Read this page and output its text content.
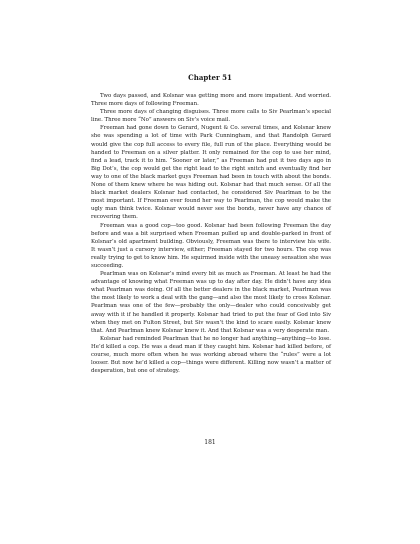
Chapter 51

Two days passed, and Kolsnar was getting more and more impatient. And worried. Three more days of following Freeman.

Three more days of changing disguises. Three more calls to Siv Pearlman’s special line. Three more “No” answers on Siv’s voice mail.

Freeman had gone down to Gerard, Nugent & Co. several times, and Kolsnar knew she was spending a lot of time with Park Cunningham, and that Randolph Gerard would give the cop full access to every file, full run of the place. Everything would be handed to Freeman on a silver platter. It only remained for the cop to use her mind, find a lead, track it to him. “Sooner or later,” as Freeman had put it two days ago in Big Dot’s, the cop would get the right lead to the right snitch and eventually find her way to one of the black market guys Freeman had been in touch with about the bonds. None of them knew where he was hiding out. Kolsnar had that much sense. Of all the black market dealers Kolsnar had contacted, he considered Siv Pearlman to be the most important. If Freeman ever found her way to Pearlman, the cop would make the ugly man think twice. Kolsnar would never see the bonds, never have any chance of recovering them.

Freeman was a good cop—too good. Kolsnar had been following Freeman the day before and was a bit surprised when Freeman pulled up and double-parked in front of Kolsnar’s old apartment building. Obviously, Freeman was there to interview his wife. It wasn’t just a cursory interview, either; Freeman stayed for two hours. The cop was really trying to get to know him. He squirmed inside with the uneasy sensation she was succeeding.

Pearlman was on Kolsnar’s mind every bit as much as Freeman. At least he had the advantage of knowing what Freeman was up to day after day. He didn’t have any idea what Pearlman was doing. Of all the better dealers in the black market, Pearlman was the most likely to work a deal with the gang—and also the most likely to cross Kolsnar. Pearlman was one of the few—probably the only—dealer who could conceivably get away with it if he handled it properly. Kolsnar had tried to put the fear of God into Siv when they met on Fulton Street, but Siv wasn’t the kind to scare easily. Kolsnar knew that. And Pearlman knew Kolsnar knew it. And that Kolsnar was a very desperate man.

Kolsnar had reminded Pearlman that he no longer had anything—anything—to lose. He’d killed a cop. He was a dead man if they caught him. Kolsnar had killed before, of course, much more often when he was working abroad where the “rules” were a lot looser. But now he’d killed a cop—things were different. Killing now wasn’t a matter of desperation, but one of strategy.

181
